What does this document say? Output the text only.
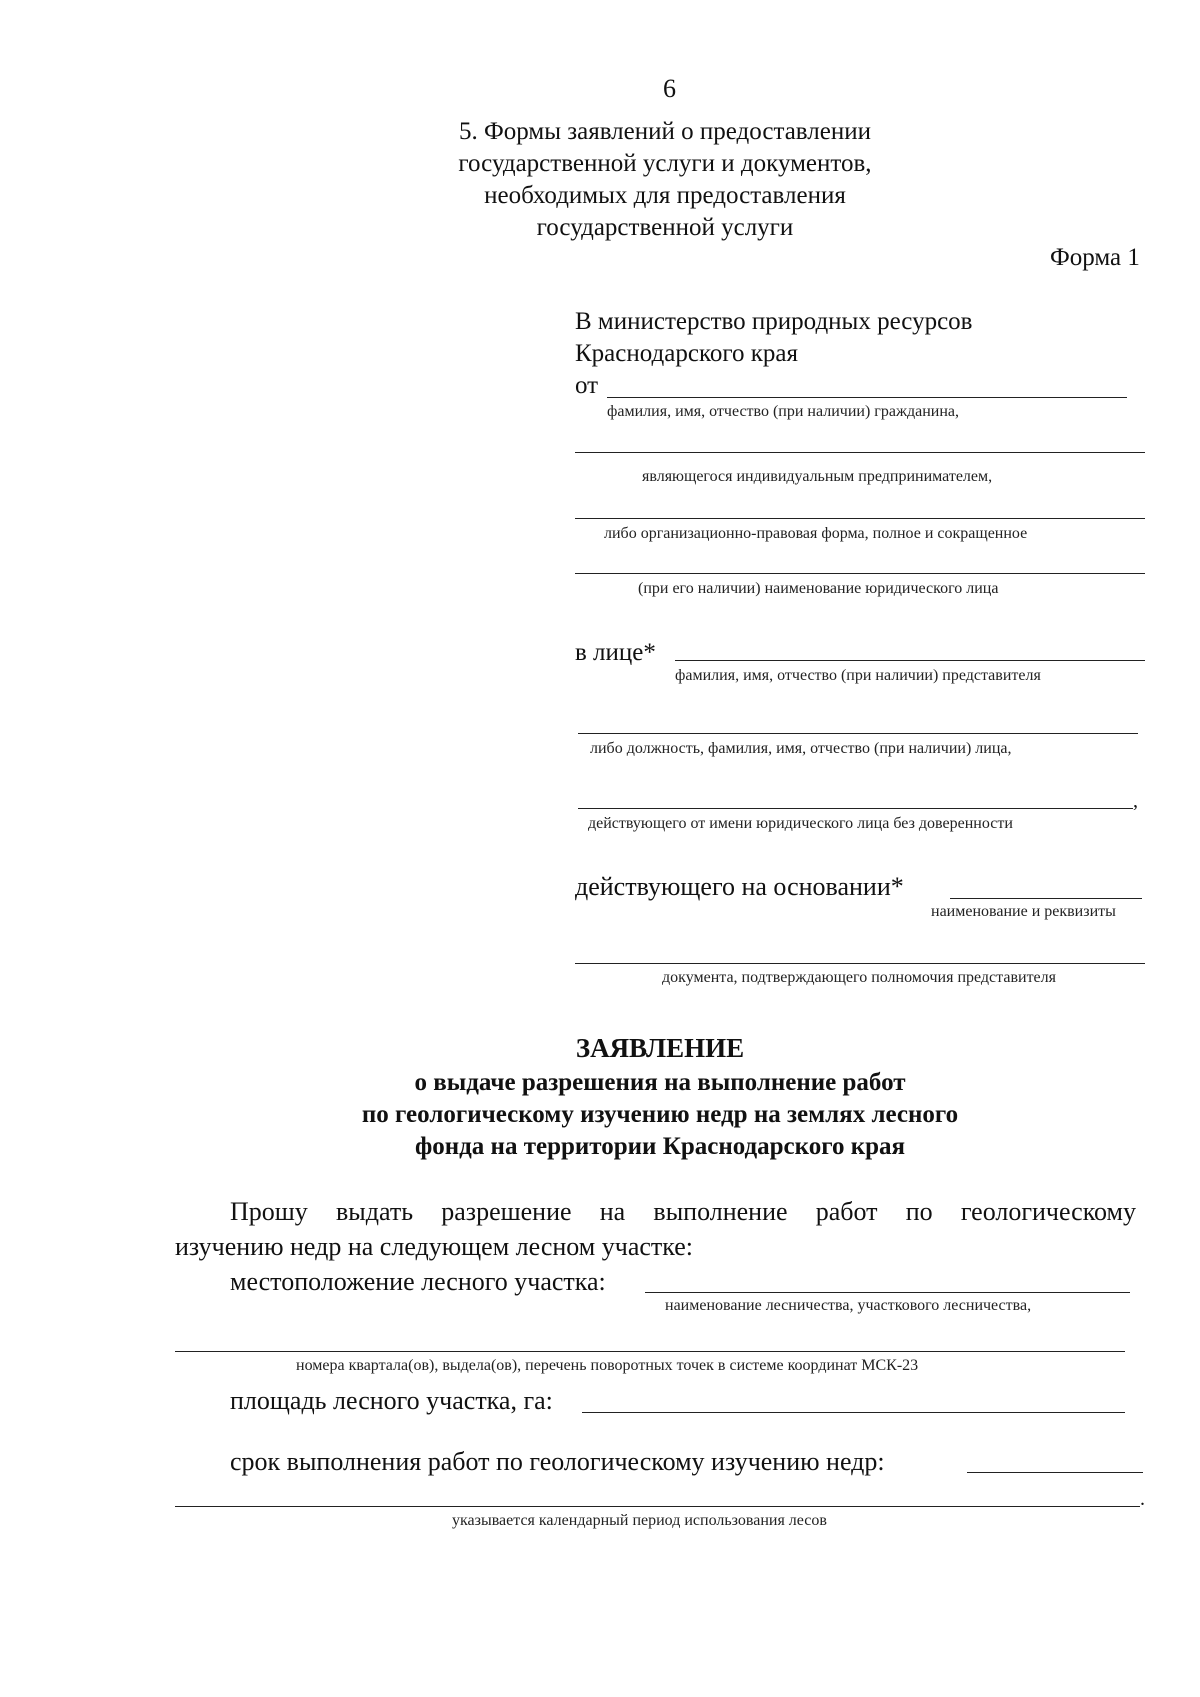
6
5. Формы заявлений о предоставлении
государственной услуги и документов,
необходимых для предоставления
государственной услуги
Форма 1
В министерство природных ресурсов
Краснодарского края
от
фамилия, имя, отчество (при наличии) гражданина,
являющегося индивидуальным предпринимателем,
либо организационно-правовая форма, полное и сокращенное
(при его наличии) наименование юридического лица
в лице*
фамилия, имя, отчество (при наличии) представителя
либо должность, фамилия, имя, отчество (при наличии) лица,
,
действующего от имени юридического лица без доверенности
действующего на основании*
наименование и реквизиты
документа, подтверждающего полномочия представителя
ЗАЯВЛЕНИЕ
о выдаче разрешения на выполнение работ
по геологическому изучению недр на землях лесного
фонда на территории Краснодарского края
Прошу выдать разрешение на выполнение работ по геологическому
изучению недр на следующем лесном участке:
местоположение лесного участка:
наименование лесничества, участкового лесничества,
номера квартала(ов), выдела(ов), перечень поворотных точек в системе координат МСК-23
площадь лесного участка, га:
срок выполнения работ по геологическому изучению недр:
.
указывается календарный период использования лесов
